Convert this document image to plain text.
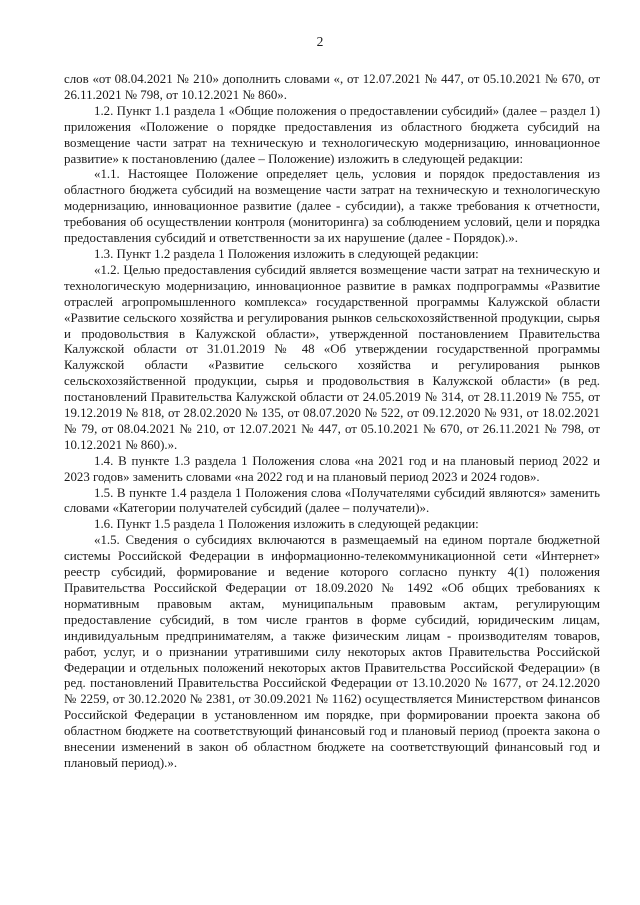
2

слов «от 08.04.2021 № 210» дополнить словами «, от 12.07.2021 № 447, от 05.10.2021 № 670, от 26.11.2021 № 798, от 10.12.2021 № 860».

1.2. Пункт 1.1 раздела 1 «Общие положения о предоставлении субсидий» (далее – раздел 1) приложения «Положение о порядке предоставления из областного бюджета субсидий на возмещение части затрат на техническую и технологическую модернизацию, инновационное развитие» к постановлению (далее – Положение) изложить в следующей редакции:

«1.1. Настоящее Положение определяет цель, условия и порядок предоставления из областного бюджета субсидий на возмещение части затрат на техническую и технологическую модернизацию, инновационное развитие (далее - субсидии), а также требования к отчетности, требования об осуществлении контроля (мониторинга) за соблюдением условий, цели и порядка предоставления субсидий и ответственности за их нарушение (далее - Порядок).».

1.3. Пункт 1.2 раздела 1 Положения изложить в следующей редакции:

«1.2. Целью предоставления субсидий является возмещение части затрат на техническую и технологическую модернизацию, инновационное развитие в рамках подпрограммы «Развитие отраслей агропромышленного комплекса» государственной программы Калужской области «Развитие сельского хозяйства и регулирования рынков сельскохозяйственной продукции, сырья и продовольствия в Калужской области», утвержденной постановлением Правительства Калужской области от 31.01.2019 № 48 «Об утверждении государственной программы Калужской области «Развитие сельского хозяйства и регулирования рынков сельскохозяйственной продукции, сырья и продовольствия в Калужской области» (в ред. постановлений Правительства Калужской области от 24.05.2019 № 314, от 28.11.2019 № 755, от 19.12.2019 № 818, от 28.02.2020 № 135, от 08.07.2020 № 522, от 09.12.2020 № 931, от 18.02.2021 № 79, от 08.04.2021 № 210, от 12.07.2021 № 447, от 05.10.2021 № 670, от 26.11.2021 № 798, от 10.12.2021 № 860).».

1.4. В пункте 1.3 раздела 1 Положения слова «на 2021 год и на плановый период 2022 и 2023 годов» заменить словами «на 2022 год и на плановый период 2023 и 2024 годов».

1.5. В пункте 1.4 раздела 1 Положения слова «Получателями субсидий являются» заменить словами «Категории получателей субсидий (далее – получатели)».

1.6. Пункт 1.5 раздела 1 Положения изложить в следующей редакции:

«1.5. Сведения о субсидиях включаются в размещаемый на едином портале бюджетной системы Российской Федерации в информационно-телекоммуникационной сети «Интернет» реестр субсидий, формирование и ведение которого согласно пункту 4(1) положения Правительства Российской Федерации от 18.09.2020 № 1492 «Об общих требованиях к нормативным правовым актам, муниципальным правовым актам, регулирующим предоставление субсидий, в том числе грантов в форме субсидий, юридическим лицам, индивидуальным предпринимателям, а также физическим лицам - производителям товаров, работ, услуг, и о признании утратившими силу некоторых актов Правительства Российской Федерации и отдельных положений некоторых актов Правительства Российской Федерации» (в ред. постановлений Правительства Российской Федерации от 13.10.2020 № 1677, от 24.12.2020 № 2259, от 30.12.2020 № 2381, от 30.09.2021 № 1162) осуществляется Министерством финансов Российской Федерации в установленном им порядке, при формировании проекта закона об областном бюджете на соответствующий финансовый год и плановый период (проекта закона о внесении изменений в закон об областном бюджете на соответствующий финансовый год и плановый период).».
